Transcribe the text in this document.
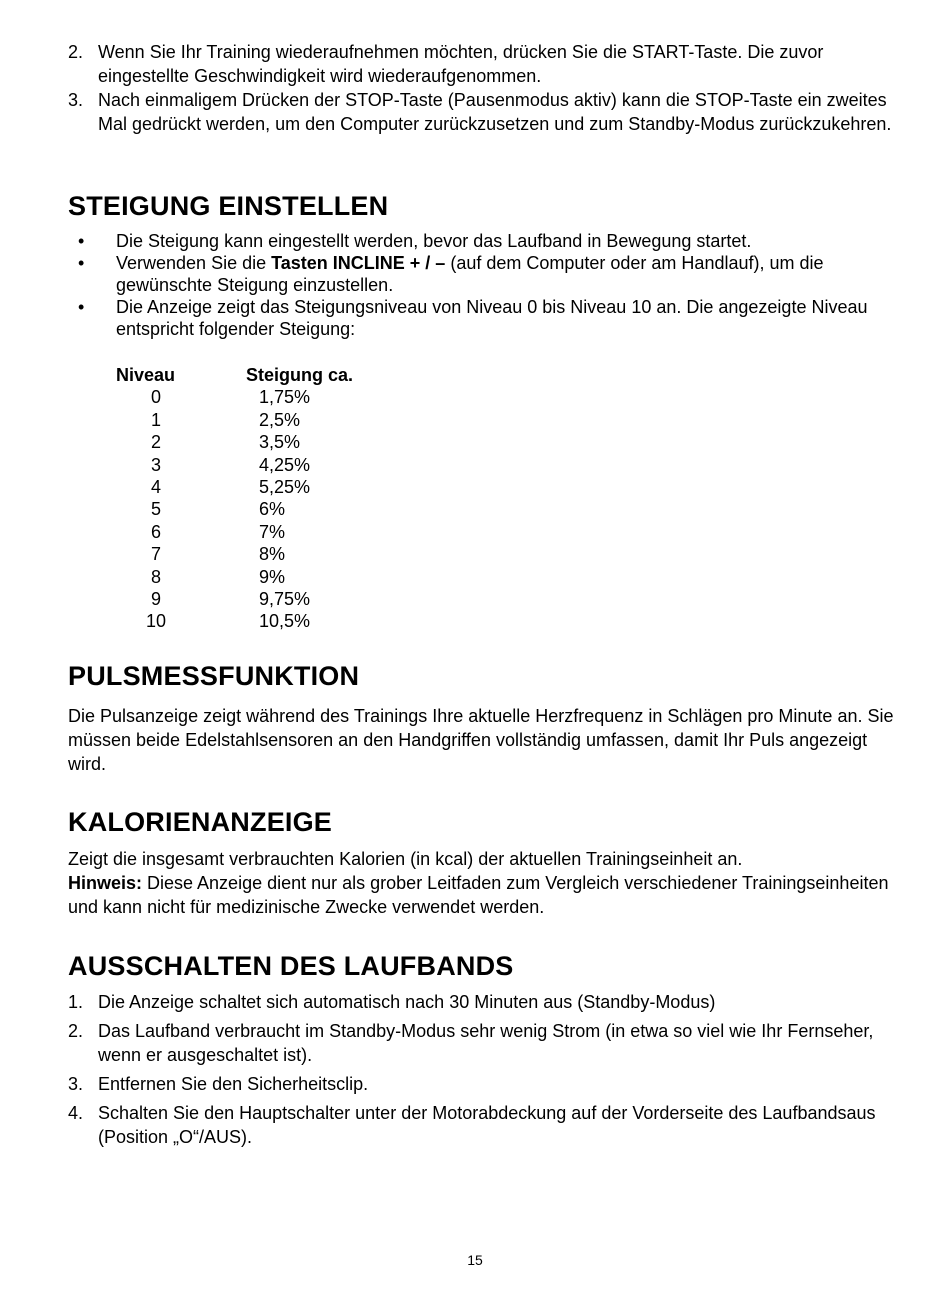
2. Wenn Sie Ihr Training wiederaufnehmen möchten, drücken Sie die START-Taste. Die zuvor eingestellte Geschwindigkeit wird wiederaufgenommen.
3. Nach einmaligem Drücken der STOP-Taste (Pausenmodus aktiv) kann die STOP-Taste ein zweites Mal gedrückt werden, um den Computer zurückzusetzen und zum Standby-Modus zurückzukehren.
STEIGUNG EINSTELLEN
• Die Steigung kann eingestellt werden, bevor das Laufband in Bewegung startet.
• Verwenden Sie die Tasten INCLINE + / – (auf dem Computer oder am Handlauf), um die gewünschte Steigung einzustellen.
• Die Anzeige zeigt das Steigungsniveau von Niveau 0 bis Niveau 10 an. Die angezeigte Niveau entspricht folgender Steigung:
Niveau	Steigung ca.
0	1,75%
1	2,5%
2	3,5%
3	4,25%
4	5,25%
5	6%
6	7%
7	8%
8	9%
9	9,75%
10	10,5%
PULSMESSFUNKTION
Die Pulsanzeige zeigt während des Trainings Ihre aktuelle Herzfrequenz in Schlägen pro Minute an. Sie müssen beide Edelstahlsensoren an den Handgriffen vollständig umfassen, damit Ihr Puls angezeigt wird.
KALORIENANZEIGE
Zeigt die insgesamt verbrauchten Kalorien (in kcal) der aktuellen Trainingseinheit an.
Hinweis: Diese Anzeige dient nur als grober Leitfaden zum Vergleich verschiedener Trainingseinheiten und kann nicht für medizinische Zwecke verwendet werden.
AUSSCHALTEN DES LAUFBANDS
1. Die Anzeige schaltet sich automatisch nach 30 Minuten aus (Standby-Modus)
2. Das Laufband verbraucht im Standby-Modus sehr wenig Strom (in etwa so viel wie Ihr Fernseher, wenn er ausgeschaltet ist).
3. Entfernen Sie den Sicherheitsclip.
4. Schalten Sie den Hauptschalter unter der Motorabdeckung auf der Vorderseite des Laufbandsaus (Position „O“/AUS).
15
